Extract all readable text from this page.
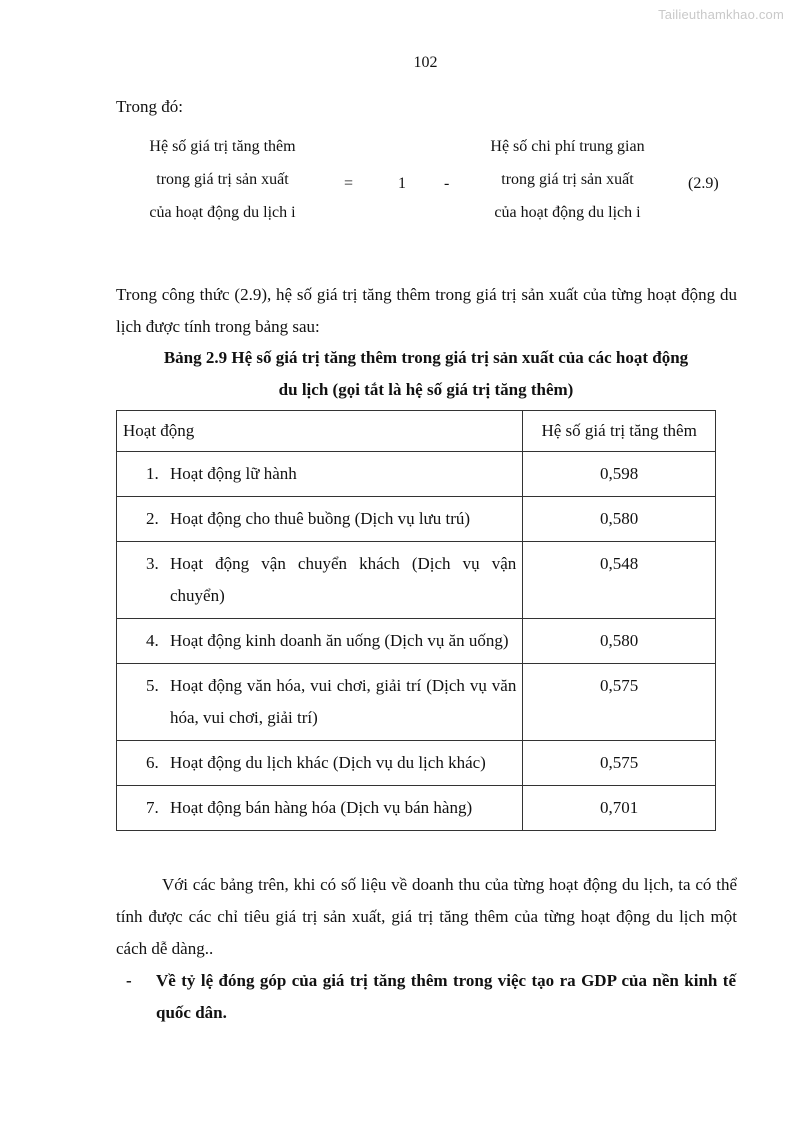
Tailieuthamkhao.com
102
Trong đó:
Hệ số giá trị tăng thêm
trong giá trị sản xuất
của hoạt động du lịch i
=	1 -
Hệ số chi phí trung gian
trong giá trị sản xuất
của hoạt động du lịch i
(2.9)
Trong công thức (2.9), hệ số giá trị tăng thêm trong giá trị sản xuất của từng hoạt động du lịch được tính trong bảng sau:
Bảng 2.9 Hệ số giá trị tăng thêm trong giá trị sản xuất của các hoạt động
du lịch (gọi tắt là hệ số giá trị tăng thêm)
Hoạt động	Hệ số giá trị tăng thêm

1. Hoạt động lữ hành	0,598

2. Hoạt động cho thuê buồng (Dịch vụ lưu trú)	0,580

3. Hoạt động vận chuyển khách (Dịch vụ vận chuyển)	0,548

4. Hoạt động kinh doanh ăn uống (Dịch vụ ăn uống)	0,580

5. Hoạt động văn hóa, vui chơi, giải trí (Dịch vụ văn hóa, vui chơi, giải trí)	0,575

6. Hoạt động du lịch khác (Dịch vụ du lịch khác)	0,575

7. Hoạt động bán hàng hóa (Dịch vụ bán hàng)	0,701
Với các bảng trên, khi có số liệu về doanh thu của từng hoạt động du lịch, ta có thể tính được các chỉ tiêu giá trị sản xuất, giá trị tăng thêm của từng hoạt động du lịch một cách dễ dàng..
- Về tỷ lệ đóng góp của giá trị tăng thêm trong việc tạo ra GDP của nền kinh tế quốc dân.
